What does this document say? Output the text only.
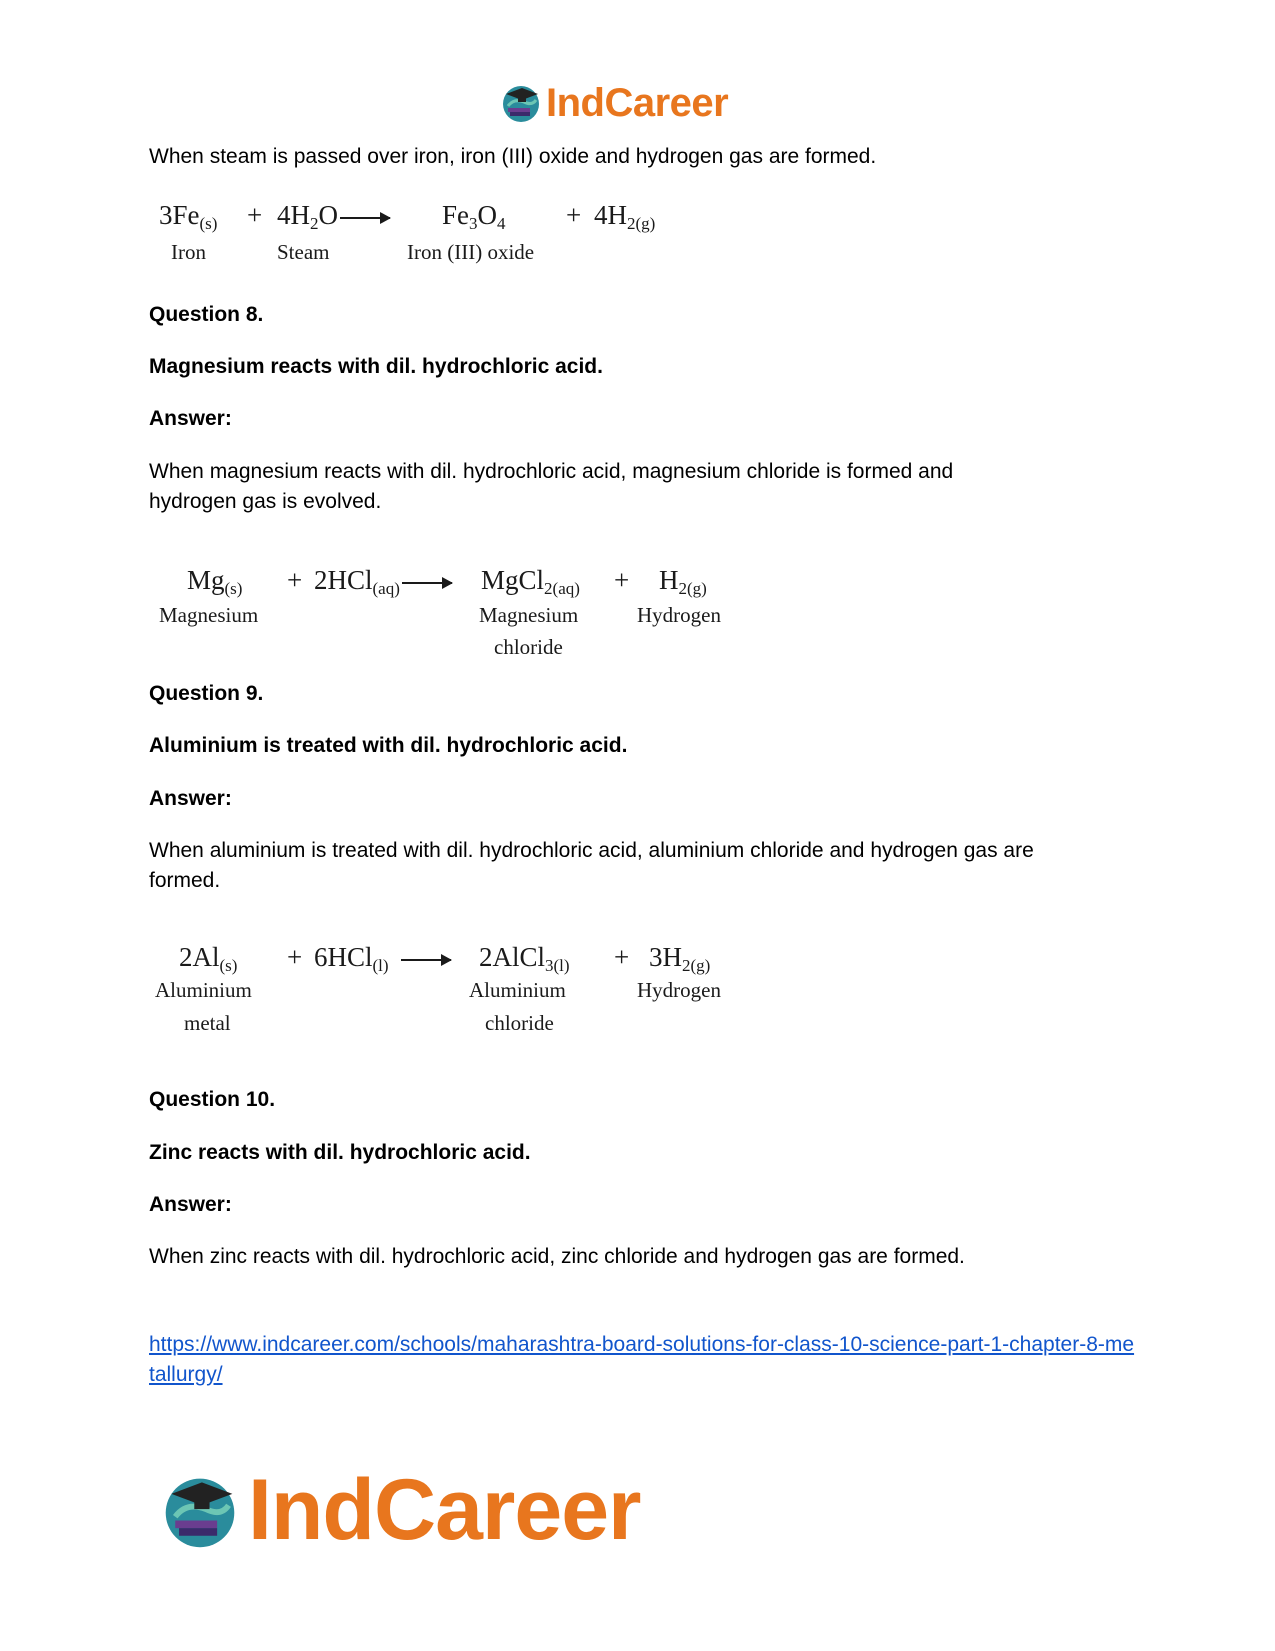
IndCareer

When steam is passed over iron, iron (III) oxide and hydrogen gas are formed.

$3Fe_{(s)} + 4H_2O \to Fe_3O_4 + 4H_{2(g)}$
Iron	Steam	Iron (III) oxide

Question 8.

Magnesium reacts with dil. hydrochloric acid.

Answer:

When magnesium reacts with dil. hydrochloric acid, magnesium chloride is formed and hydrogen gas is evolved.

$Mg_{(s)} + 2HCl_{(aq)}$ → MgCl$_{2(aq)}$ + $H_{2(g)}$
Magnesium	Magnesium
chloride
Hydrogen

Question 9.

Aluminium is treated with dil. hydrochloric acid.

Answer:

When aluminium is treated with dil. hydrochloric acid, aluminium chloride and hydrogen gas are formed.

$2Al_{(s)} + 6HCl_{(l)}$ → 2AlCl$_{3(l)}$ + $3H_{2(g)}$
Aluminium
metal
Aluminium
chloride
Hydrogen

Question 10.

Zinc reacts with dil. hydrochloric acid.

Answer:

When zinc reacts with dil. hydrochloric acid, zinc chloride and hydrogen gas are formed.

https://www.indcareer.com/schools/maharashtra-board-solutions-for-class-10-science-part-1-chapter-8-metallurgy/

IndCareer
